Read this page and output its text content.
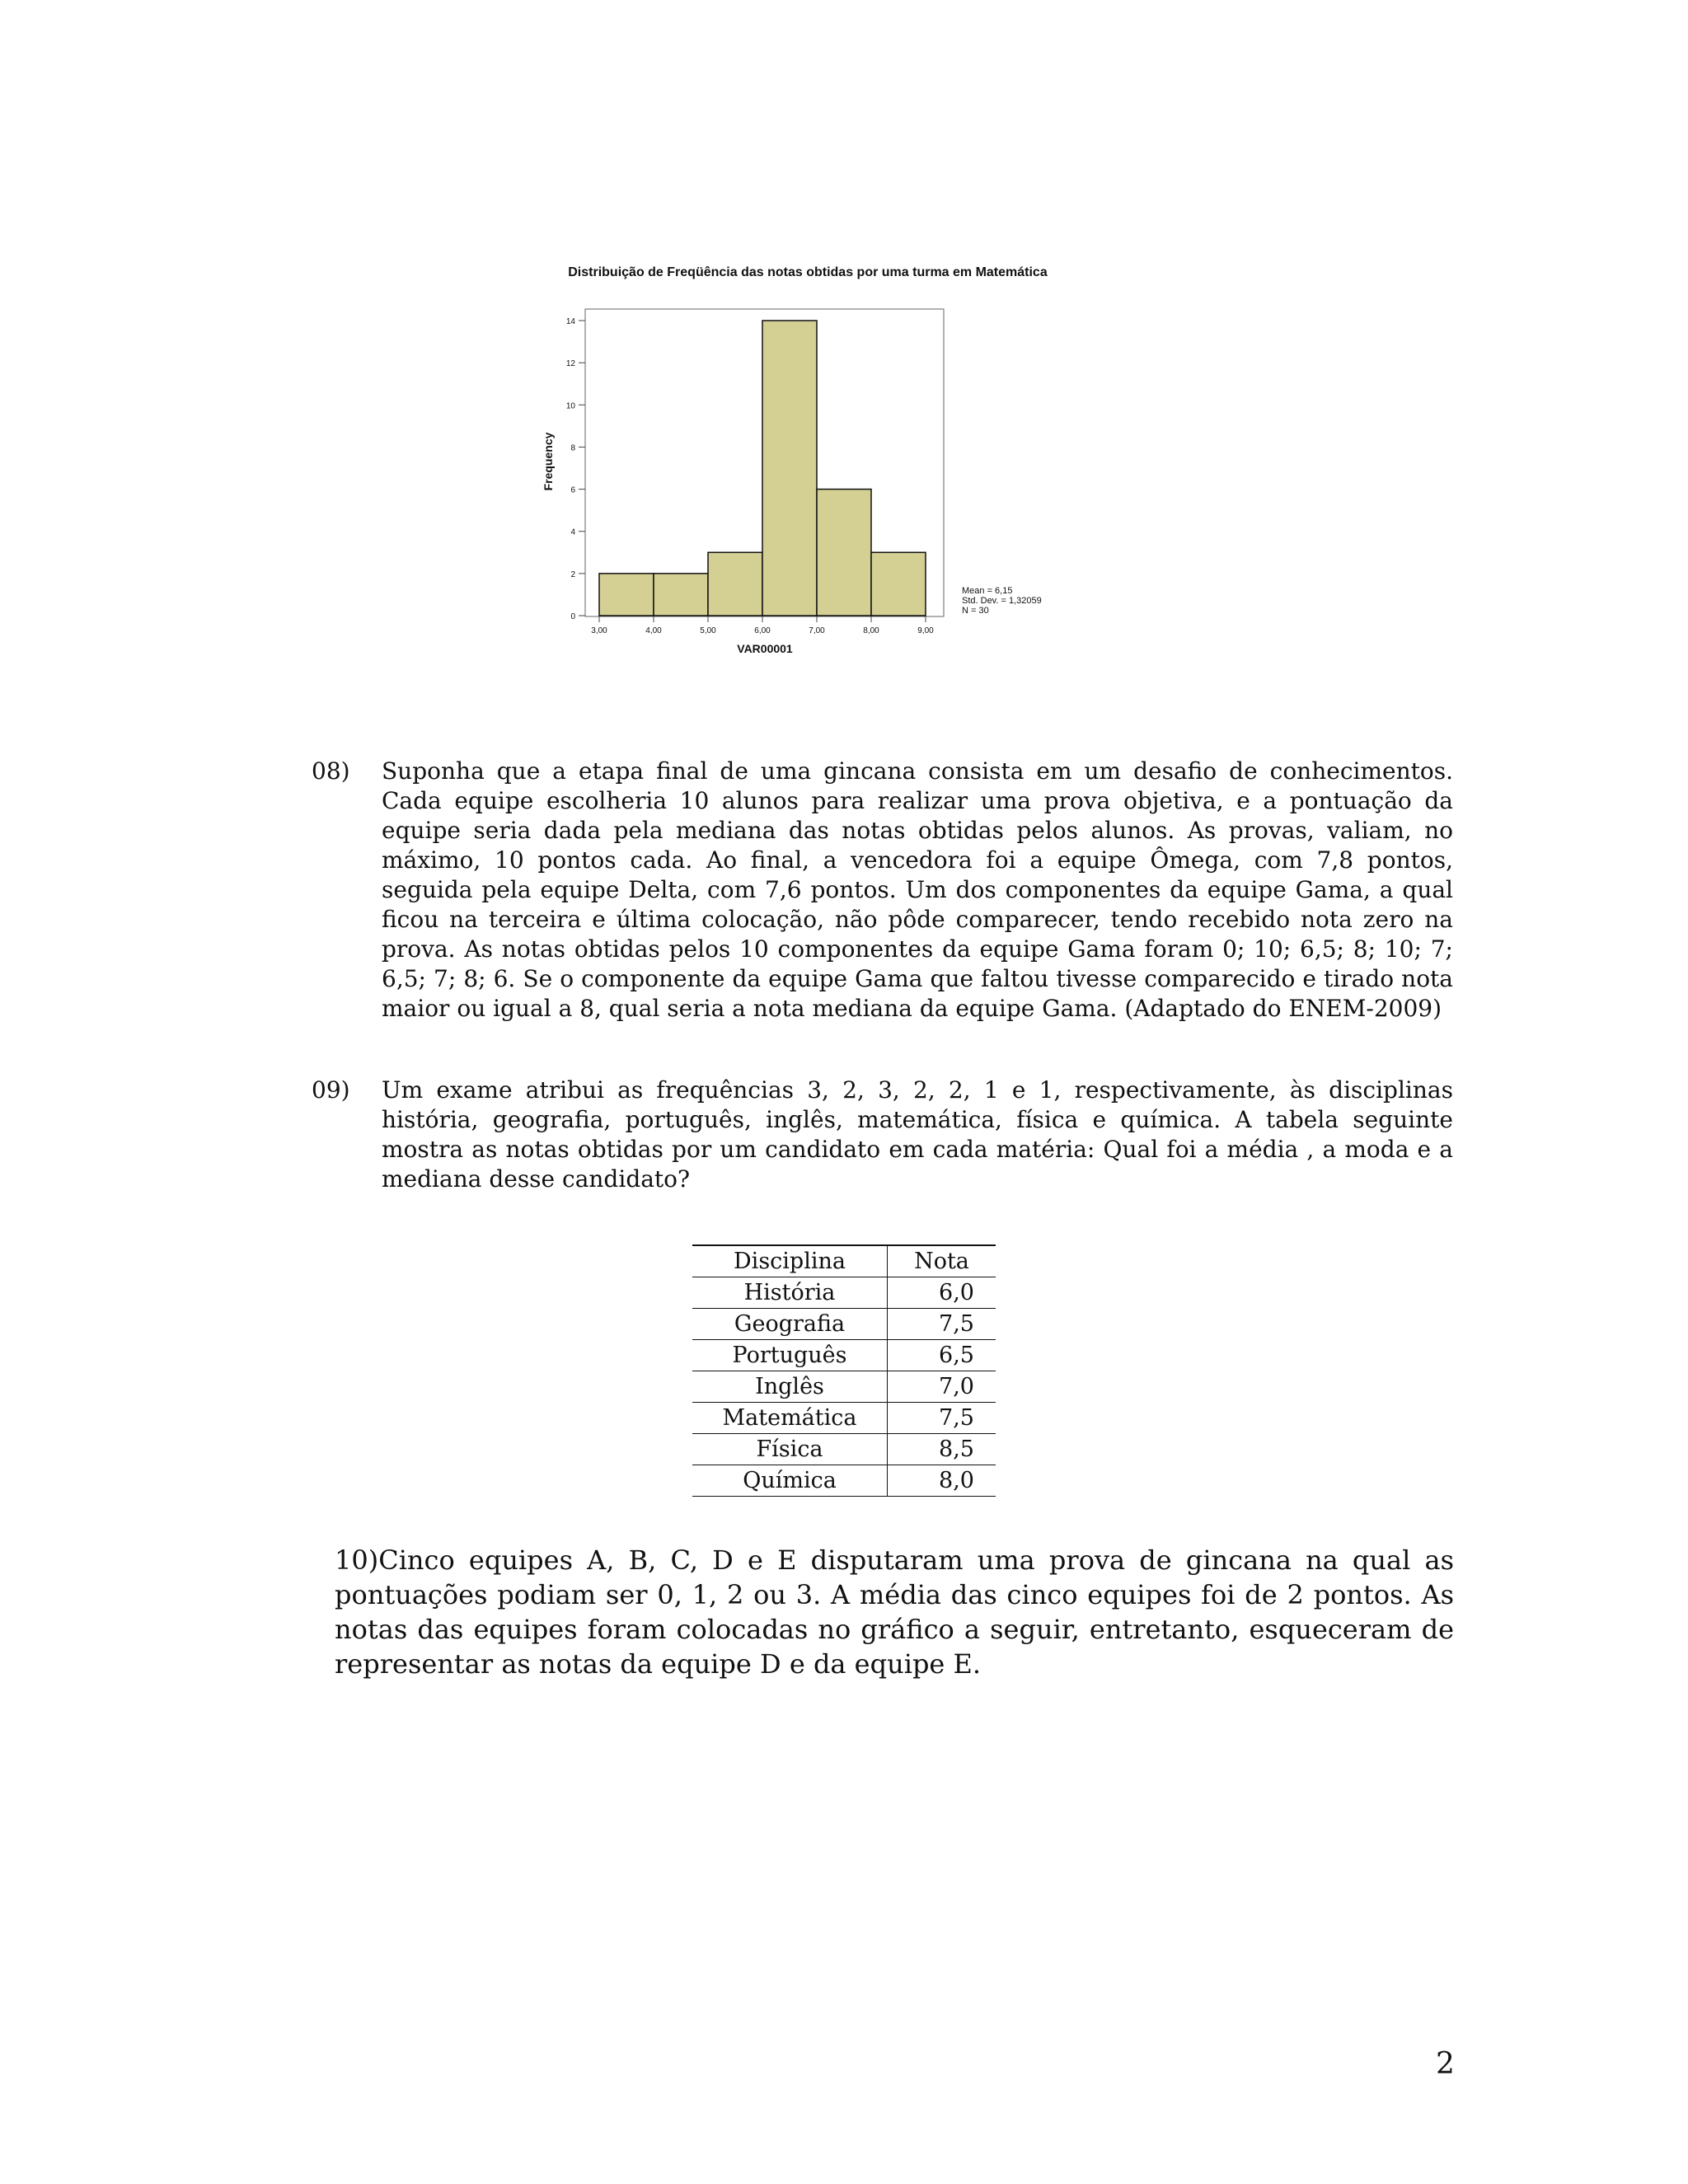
Distribuição de Freqüência das notas obtidas por uma turma em Matemática
0
2
4
6
8
10
12
14
3,00	4,00	5,00	6,00	7,00	8,00	9,00
Frequency
VAR00001
Mean = 6,15
Std. Dev. = 1,32059
N = 30
08) Suponha que a etapa final de uma gincana consista em um desafio de conhecimentos. Cada equipe escolheria 10 alunos para realizar uma prova objetiva, e a pontuação da equipe seria dada pela mediana das notas obtidas pelos alunos. As provas, valiam, no máximo, 10 pontos cada. Ao final, a vencedora foi a equipe Ômega, com 7,8 pontos, seguida pela equipe Delta, com 7,6 pontos. Um dos componentes da equipe Gama, a qual ficou na terceira e última colocação, não pôde comparecer, tendo recebido nota zero na prova. As notas obtidas pelos 10 componentes da equipe Gama foram 0; 10; 6,5; 8; 10; 7; 6,5; 7; 8; 6. Se o componente da equipe Gama que faltou tivesse comparecido e tirado nota maior ou igual a 8, qual seria a nota mediana da equipe Gama. (Adaptado do ENEM-2009)
09) Um exame atribui as frequências 3, 2, 3, 2, 2, 1 e 1, respectivamente, às disciplinas história, geografia, português, inglês, matemática, física e química. A tabela seguinte mostra as notas obtidas por um candidato em cada matéria: Qual foi a média , a moda e a mediana desse candidato?
Disciplina	Nota
História	6,0
Geografia	7,5
Português	6,5
Inglês	7,0
Matemática	7,5
Física	8,5
Química	8,0
10)Cinco equipes A, B, C, D e E disputaram uma prova de gincana na qual as pontuações podiam ser 0, 1, 2 ou 3. A média das cinco equipes foi de 2 pontos. As notas das equipes foram colocadas no gráfico a seguir, entretanto, esqueceram de representar as notas da equipe D e da equipe E.
2
